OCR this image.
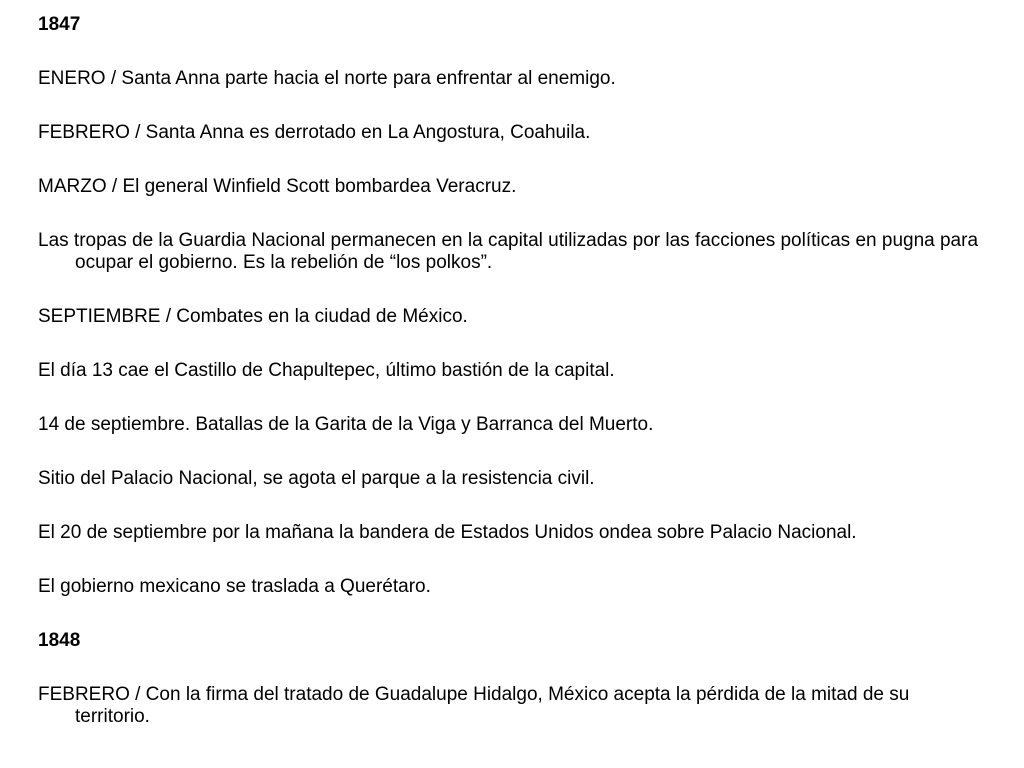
1847

ENERO / Santa Anna parte hacia el norte para enfrentar al enemigo.

FEBRERO / Santa Anna es derrotado en La Angostura, Coahuila.

MARZO / El general Winfield Scott bombardea Veracruz.

Las tropas de la Guardia Nacional permanecen en la capital utilizadas por las facciones políticas en pugna para ocupar el gobierno. Es la rebelión de “los polkos”.

SEPTIEMBRE / Combates en la ciudad de México.

El día 13 cae el Castillo de Chapultepec, último bastión de la capital.

14 de septiembre. Batallas de la Garita de la Viga y Barranca del Muerto.

Sitio del Palacio Nacional, se agota el parque a la resistencia civil.

El 20 de septiembre por la mañana la bandera de Estados Unidos ondea sobre Palacio Nacional.

El gobierno mexicano se traslada a Querétaro.

1848

FEBRERO / Con la firma del tratado de Guadalupe Hidalgo, México acepta la pérdida de la mitad de su territorio.
